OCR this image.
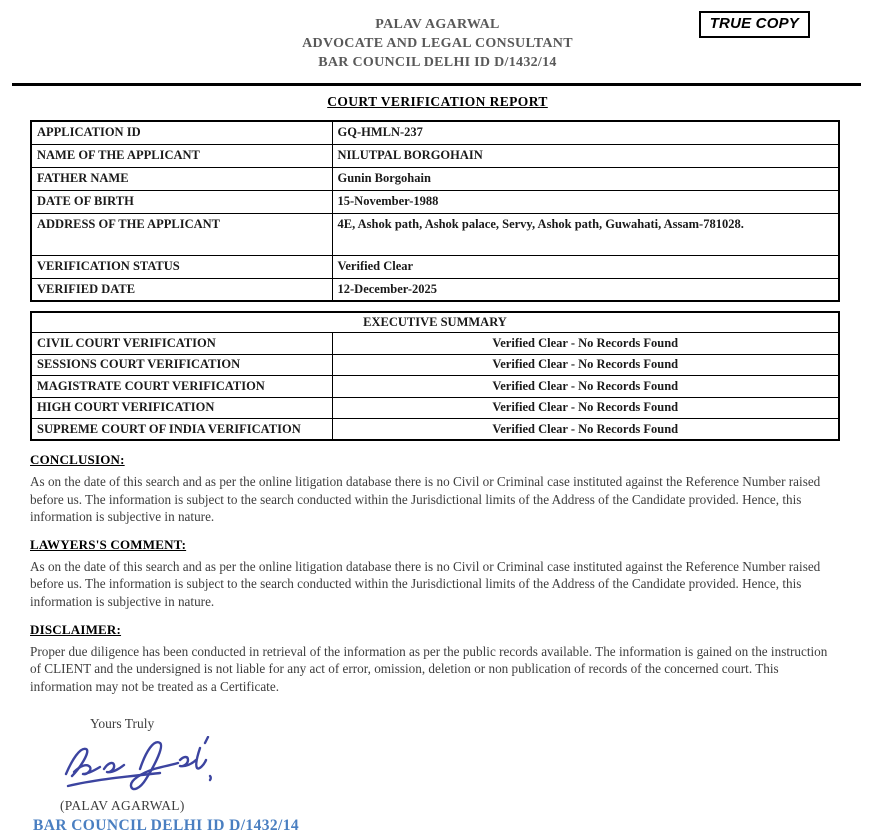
TRUE COPY
PALAV AGARWAL
ADVOCATE AND LEGAL CONSULTANT
BAR COUNCIL DELHI ID D/1432/14
COURT VERIFICATION REPORT
APPLICATION ID	GQ-HMLN-237
NAME OF THE APPLICANT	NILUTPAL BORGOHAIN
FATHER NAME	Gunin Borgohain
DATE OF BIRTH	15-November-1988
ADDRESS OF THE APPLICANT	4E, Ashok path, Ashok palace, Servy, Ashok path, Guwahati, Assam-781028.
VERIFICATION STATUS	Verified Clear
VERIFIED DATE	12-December-2025
EXECUTIVE SUMMARY	
CIVIL COURT VERIFICATION	Verified Clear - No Records Found
SESSIONS COURT VERIFICATION	Verified Clear - No Records Found
MAGISTRATE COURT VERIFICATION	Verified Clear - No Records Found
HIGH COURT VERIFICATION	Verified Clear - No Records Found
SUPREME COURT OF INDIA VERIFICATION	Verified Clear - No Records Found
CONCLUSION:
As on the date of this search and as per the online litigation database there is no Civil or Criminal case instituted against the Reference Number raised before us. The information is subject to the search conducted within the Jurisdictional limits of the Address of the Candidate provided. Hence, this information is subjective in nature.
LAWYERS'S COMMENT:
As on the date of this search and as per the online litigation database there is no Civil or Criminal case instituted against the Reference Number raised before us. The information is subject to the search conducted within the Jurisdictional limits of the Address of the Candidate provided. Hence, this information is subjective in nature.
DISCLAIMER:
Proper due diligence has been conducted in retrieval of the information as per the public records available. The information is gained on the instruction of CLIENT and the undersigned is not liable for any act of error, omission, deletion or non publication of records of the concerned court. This information may not be treated as a Certificate.
Yours Truly
(PALAV AGARWAL)
BAR COUNCIL DELHI ID D/1432/14
